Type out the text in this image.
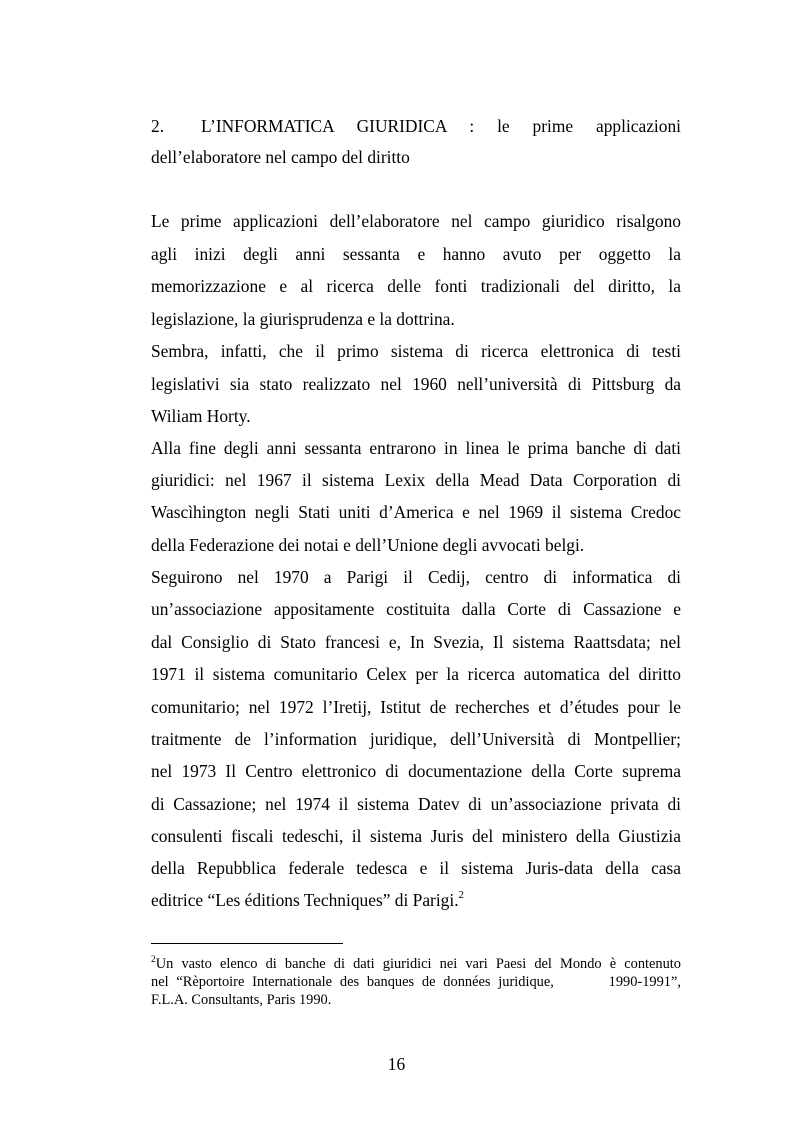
2. L’INFORMATICA GIURIDICA : le prime applicazioni
dell’elaboratore nel campo del diritto
Le prime applicazioni dell’elaboratore nel campo giuridico risalgono
agli inizi degli anni sessanta e hanno avuto per oggetto la
memorizzazione e al ricerca delle fonti tradizionali del diritto, la
legislazione, la giurisprudenza e la dottrina.
Sembra, infatti, che il primo sistema di ricerca elettronica di testi
legislativi sia stato realizzato nel 1960 nell’università di Pittsburg da
Wiliam Horty.
Alla fine degli anni sessanta entrarono in linea le prima banche di dati
giuridici: nel 1967 il sistema Lexix della Mead Data Corporation di
Wascìhington negli Stati uniti d’America e nel 1969 il sistema Credoc
della Federazione dei notai e dell’Unione degli avvocati belgi.
Seguirono nel 1970 a Parigi il Cedij, centro di informatica di
un’associazione appositamente costituita dalla Corte di Cassazione e
dal Consiglio di Stato francesi e, In Svezia, Il sistema Raattsdata; nel
1971 il sistema comunitario Celex per la ricerca automatica del diritto
comunitario; nel 1972 l’Iretij, Istitut de recherches et d’études pour le
traitmente de l’information juridique, dell’Università di Montpellier;
nel 1973 Il Centro elettronico di documentazione della Corte suprema
di Cassazione; nel 1974 il sistema Datev di un’associazione privata di
consulenti fiscali tedeschi, il sistema Juris del ministero della Giustizia
della Repubblica federale tedesca e il sistema Juris-data della casa
editrice “Les éditions Techniques” di Parigi.$^2$
$^2$Un vasto elenco di banche di dati giuridici nei vari Paesi del Mondo è contenuto
nel “Rèportoire Internationale des banques de données juridique,       1990-1991”,
F.L.A. Consultants, Paris 1990.
16
